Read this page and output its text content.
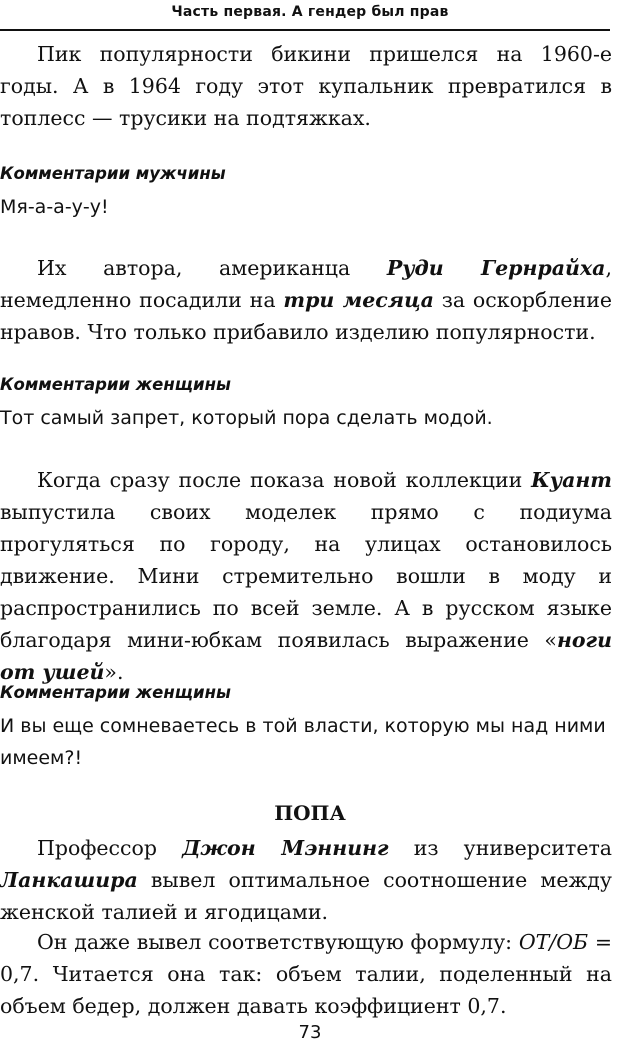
Часть первая. А гендер был прав

Пик популярности бикини пришелся на 1960-е годы. А в 1964 году этот купальник превратился в топлесс — трусики на подтяжках.

Комментарии мужчины

Мя-а-а-у-у!

Их автора, американца Руди Гернрайха, немедленно посадили на три месяца за оскорбление нравов. Что только прибавило изделию популярности.

Комментарии женщины

Тот самый запрет, который пора сделать модой.

Когда сразу после показа новой коллекции Куант выпустила своих моделек прямо с подиума прогуляться по городу, на улицах остановилось движение. Мини стремительно вошли в моду и распространились по всей земле. А в русском языке благодаря мини-юбкам появилась выражение «ноги от ушей».

Комментарии женщины

И вы еще сомневаетесь в той власти, которую мы над ними имеем?!

ПОПА

Профессор Джон Мэннинг из университета Ланкашира вывел оптимальное соотношение между женской талией и ягодицами.

Он даже вывел соответствующую формулу: ОТ/ОБ = 0,7. Читается она так: объем талии, поделенный на объем бедер, должен давать коэффициент 0,7.

73
